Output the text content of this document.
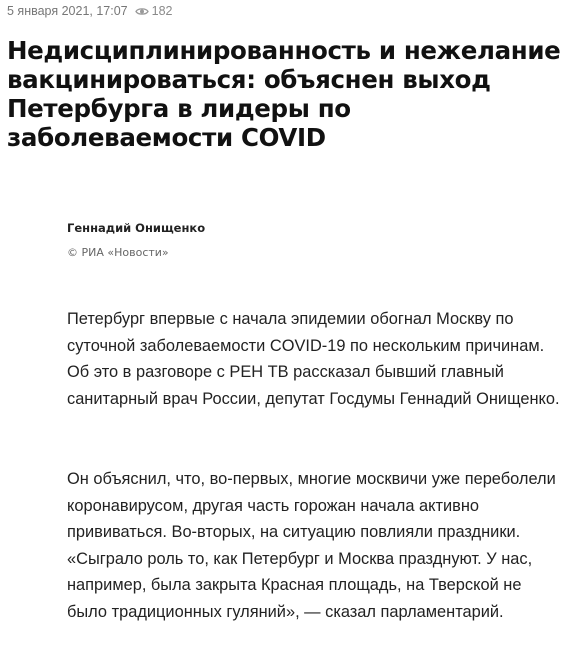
5 января 2021, 17:07 182
Недисциплинированность и нежелание вакцинироваться: объяснен выход Петербурга в лидеры по заболеваемости COVID
Геннадий Онищенко
© РИА «Новости»

Петербург впервые с начала эпидемии обогнал Москву по суточной заболеваемости COVID-19 по нескольким причинам. Об это в разговоре с РЕН ТВ рассказал бывший главный санитарный врач России, депутат Госдумы Геннадий Онищенко.

Он объяснил, что, во-первых, многие москвичи уже переболели коронавирусом, другая часть горожан начала активно прививаться. Во-вторых, на ситуацию повлияли праздники. «Сыграло роль то, как Петербург и Москва празднуют. У нас, например, была закрыта Красная площадь, на Тверской не было традиционных гуляний», — сказал парламентарий.
